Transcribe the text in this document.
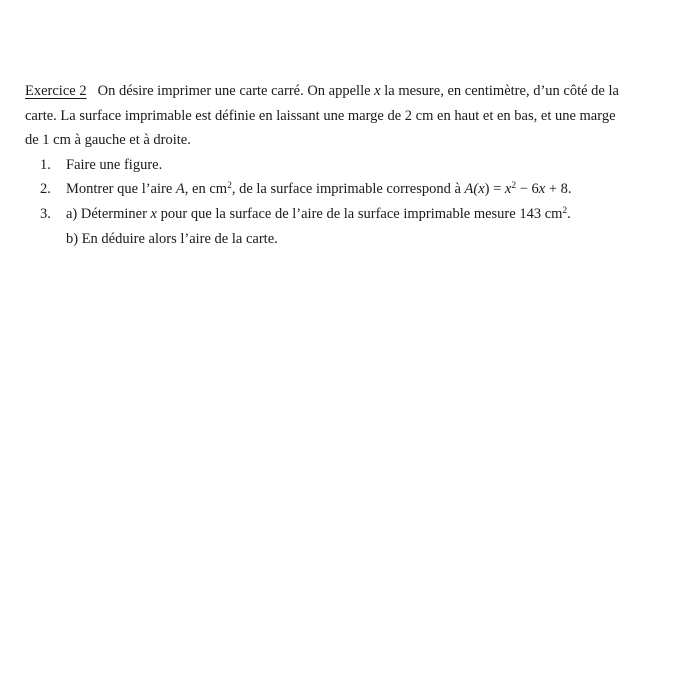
Exercice 2 On désire imprimer une carte carré. On appelle x la mesure, en centimètre, d’un côté de la
carte. La surface imprimable est définie en laissant une marge de 2 cm en haut et en bas, et une marge
de 1 cm à gauche et à droite.
1.	Faire une figure.
2.	Montrer que l’aire A, en $cm^2$, de la surface imprimable correspond à $A(x) = x^2 - 6x + 8$.
3.	a) Déterminer x pour que la surface de l’aire de la surface imprimable mesure 143 $cm^2$.
b) En déduire alors l’aire de la carte.
